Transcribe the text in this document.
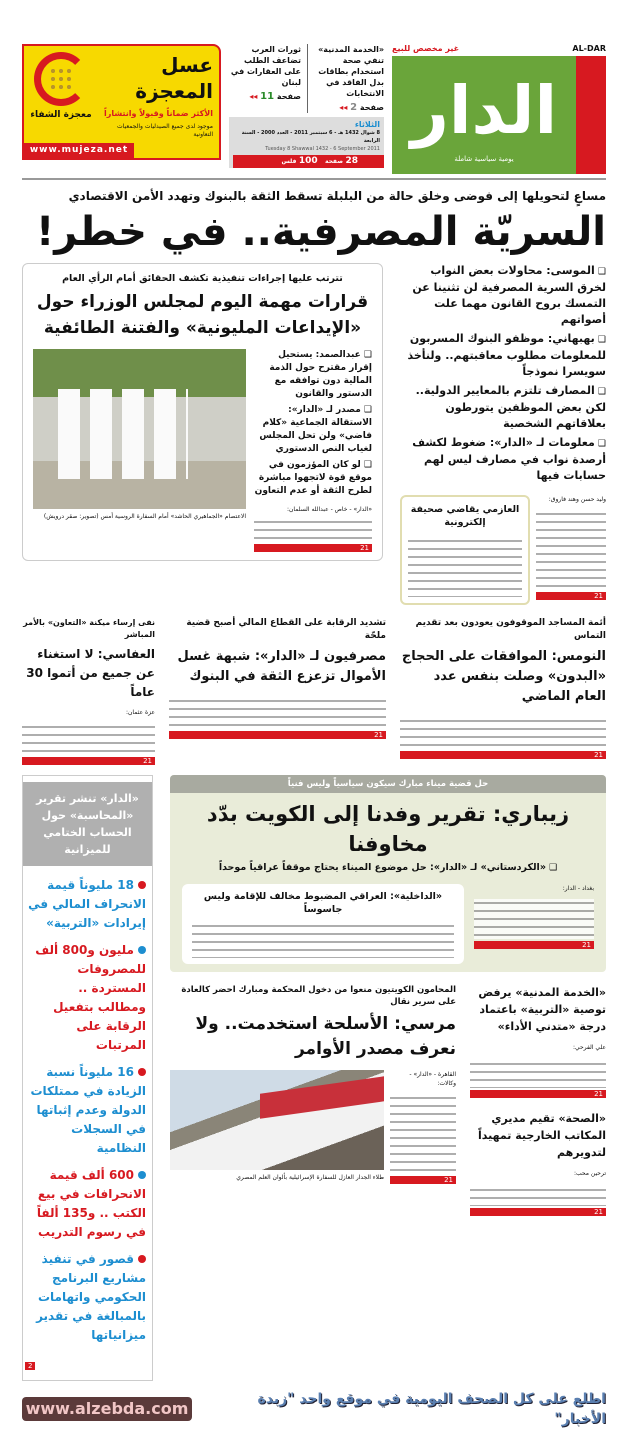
AL-DAR
غير مخصص للبيع
الدار
يومية سياسية شاملة
«الخدمة المدنية» تنفي صحة استخدام بطاقات بدل الفاقد في الانتخابات
صفحة 2 ◂◂
ثورات العرب تضاعف الطلب على العقارات في لبنان
صفحة 11 ◂◂
الثلاثاء
8 شوال 1432 هـ - 6 سبتمبر 2011 - العدد 2000 - السنة الرابعة
Tuesday 8 Shawwal 1432 - 6 September 2011
28 صفحة   100 فلس
عسل المعجزة
الأكثر ضماناً وقبولاً وانتشاراً
موجود لدى جميع الصيدليات والجمعيات التعاونية
معجزة الشفاء
www.mujeza.net
مساعٍ لتحويلها إلى فوضى وخلق حالة من البلبلة تسقط الثقة بالبنوك وتهدد الأمن الاقتصادي
السريّة المصرفية.. في خطر!
❑ الموسى: محاولات بعض النواب لخرق السرية المصرفية لن تثنينا عن التمسك بروح القانون مهما علت أصواتهم
❑ بهبهاني: موظفو البنوك المسربون للمعلومات مطلوب معاقبتهم.. ولنأخذ سويسرا نموذجاً
❑ المصارف تلتزم بالمعايير الدولية.. لكن بعض الموظفين يتورطون بعلاقاتهم الشخصية
❑ معلومات لـ «الدار»: ضغوط لكشف أرصدة نواب في مصارف ليس لهم حسابات فيها
وليد حسن وهند فاروق:
21
العازمي يقاضي صحيفة إلكترونية
تترتب عليها إجراءات تنفيذية تكشف الحقائق أمام الرأي العام
قرارات مهمة اليوم لمجلس الوزراء حول «الإيداعات المليونية» والفتنة الطائفية
❑ عبدالصمد: يستحيل إقرار مقترح حول الذمة المالية دون توافقه مع الدستور والقانون
❑ مصدر لـ «الدار»: الاستقالة الجماعية «كلام فاضي» ولن تحل المجلس لغياب النص الدستوري
❑ لو كان المؤزمون في موقع قوة لاتجهوا مباشرة لطرح الثقة أو عدم التعاون
«الدار» - خاص - عبدالله السلمان:
21
الاعتصام «الجماهيري الحاشد» أمام السفارة الروسية أمس (تصوير: صقر درويش)
أئمة المساجد الموقوفون يعودون بعد تقديم التماس
النومس: الموافقات على الحجاج «البدون» وصلت بنفس عدد العام الماضي
21
تشديد الرقابة على القطاع المالي أصبح قضية ملحّة
مصرفيون لـ «الدار»: شبهة غسل الأموال تزعزع الثقة في البنوك
21
نفى إرساء ميكنة «التعاون» بالأمر المباشر
العفاسي: لا استغناء عن جميع من أتموا 30 عاماً
عزة عثمان:
21
حل قضية ميناء مبارك سيكون سياسياً وليس فنياً
زيباري: تقرير وفدنا إلى الكويت بدّد مخاوفنا
❑ «الكردستاني» لـ «الدار»: حل موضوع الميناء يحتاج موقفاً عراقياً موحداً
بغداد - الدار:
21
«الداخلية»: العراقي المضبوط مخالف للإقامة وليس جاسوساً
«الخدمة المدنية» يرفض توصية «التربية» باعتماد درجة «متدني الأداء»
علي الفرحي:
21
«الصحة» تقيم مديري المكاتب الخارجية تمهيداً لتدويرهم
ترحين محب:
21
المحامون الكويتيون منعوا من دخول المحكمة ومبارك احضر كالعادة على سرير نقال
مرسي: الأسلحة استخدمت.. ولا نعرف مصدر الأوامر
القاهرة - «الدار» - وكالات:
21
طلاء الجدار العازل للسفارة الإسرائيلية بألوان العلم المصري
«الدار» تنشر تقرير «المحاسبة» حول الحساب الختامي للميزانية
18 مليوناً قيمة الانحراف المالي في إيرادات «التربية»
مليون و800 ألف للمصروفات المستردة .. ومطالب بتفعيل الرقابة على المرتبات
16 مليوناً نسبة الزيادة في ممتلكات الدولة وعدم إثباتها في السجلات النظامية
600 ألف قيمة الانحرافات في بيع الكتب .. و135 ألفاً في رسوم التدريب
قصور في تنفيذ مشاريع البرنامج الحكومي واتهامات بالمبالغة في تقدير ميزانياتها
2
اطلع على كل الصحف اليومية في موقع واحد "زبدة الأخبار"
www.alzebda.com
